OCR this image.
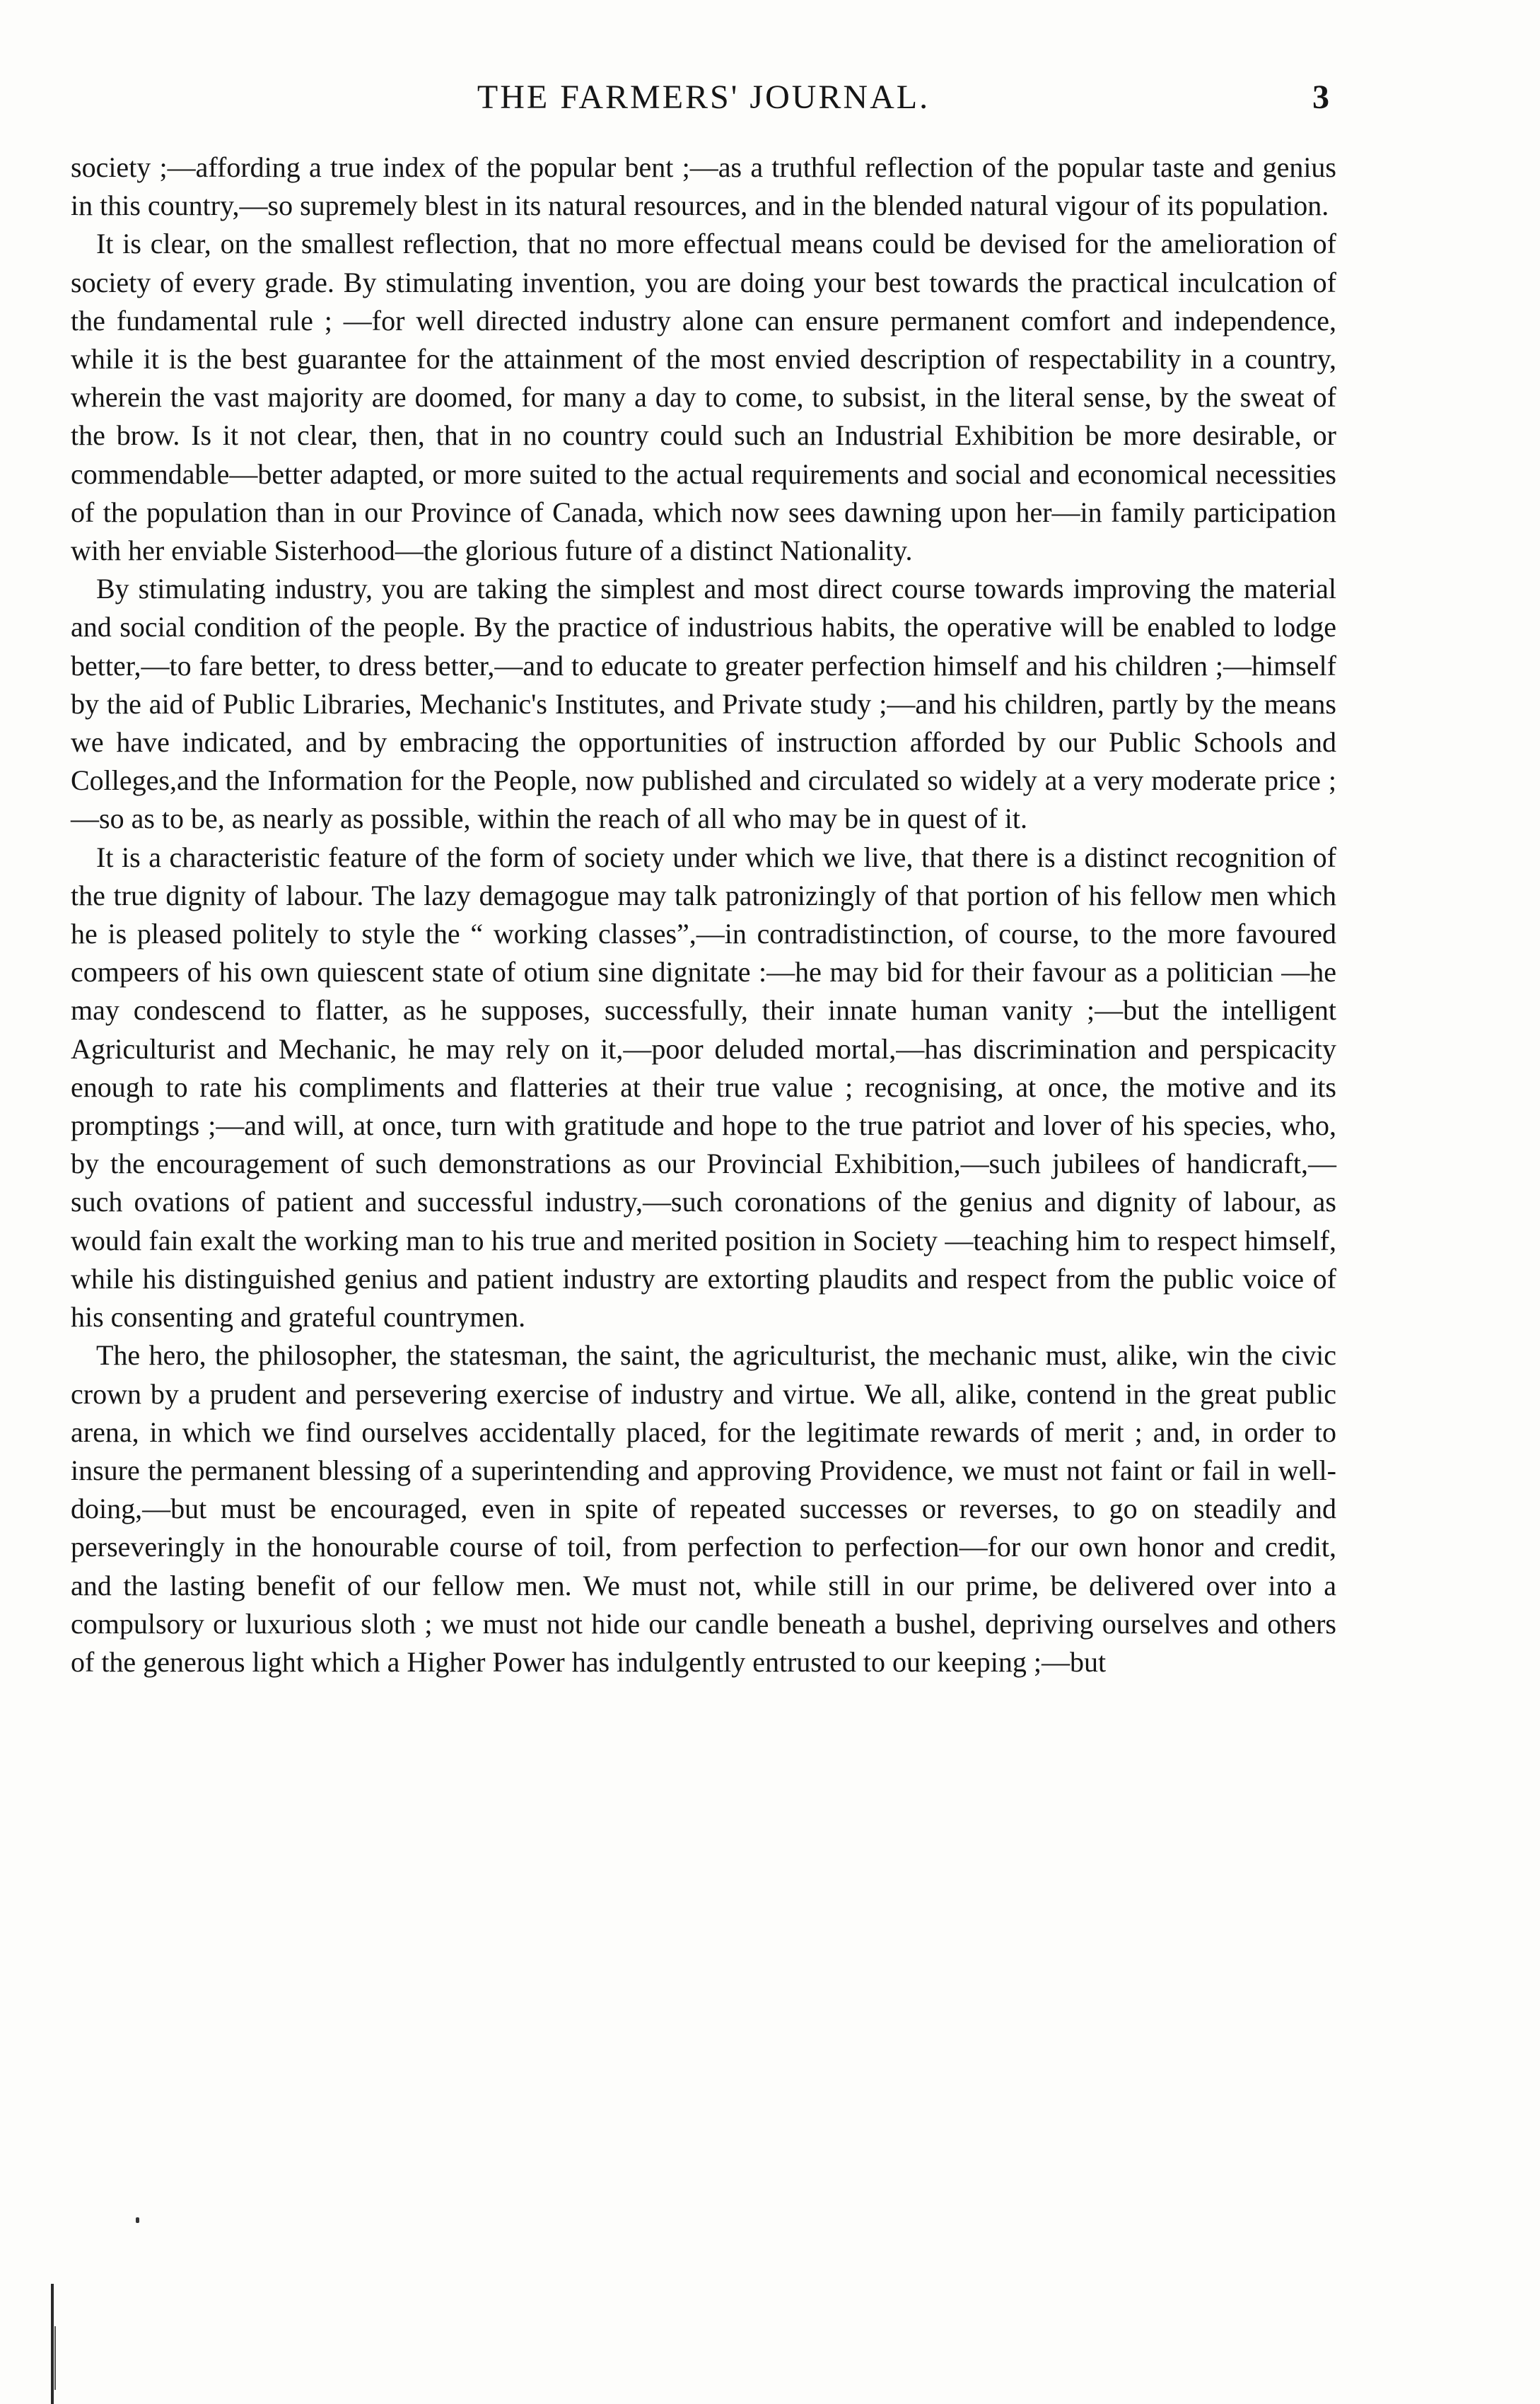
THE FARMERS' JOURNAL.	3

society ;—affording a true index of the popular bent ;—as a truthful reflection of the popular taste and genius in this country,—so supremely blest in its natural resources, and in the blended natural vigour of its population.

It is clear, on the smallest reflection, that no more effectual means could be devised for the amelioration of society of every grade. By stimulating invention, you are doing your best towards the practical inculcation of the fundamental rule ; —for well directed industry alone can ensure permanent comfort and independence, while it is the best guarantee for the attainment of the most envied description of respectability in a country, wherein the vast majority are doomed, for many a day to come, to subsist, in the literal sense, by the sweat of the brow. Is it not clear, then, that in no country could such an Industrial Exhibition be more desirable, or commendable—better adapted, or more suited to the actual requirements and social and economical necessities of the population than in our Province of Canada, which now sees dawning upon her—in family participation with her enviable Sisterhood—the glorious future of a distinct Nationality.

By stimulating industry, you are taking the simplest and most direct course towards improving the material and social condition of the people. By the practice of industrious habits, the operative will be enabled to lodge better,—to fare better, to dress better,—and to educate to greater perfection himself and his children ;—himself by the aid of Public Libraries, Mechanic's Institutes, and Private study ;—and his children, partly by the means we have indicated, and by embracing the opportunities of instruction afforded by our Public Schools and Colleges,and the Information for the People, now published and circulated so widely at a very moderate price ;—so as to be, as nearly as possible, within the reach of all who may be in quest of it.

It is a characteristic feature of the form of society under which we live, that there is a distinct recognition of the true dignity of labour. The lazy demagogue may talk patronizingly of that portion of his fellow men which he is pleased politely to style the “ working classes”,—in contradistinction, of course, to the more favoured compeers of his own quiescent state of otium sine dignitate :—he may bid for their favour as a politician —he may condescend to flatter, as he supposes, successfully, their innate human vanity ;—but the intelligent Agriculturist and Mechanic, he may rely on it,—poor deluded mortal,—has discrimination and perspicacity enough to rate his compliments and flatteries at their true value ; recognising, at once, the motive and its promptings ;—and will, at once, turn with gratitude and hope to the true patriot and lover of his species, who, by the encouragement of such demonstrations as our Provincial Exhibition,—such jubilees of handicraft,—such ovations of patient and successful industry,—such coronations of the genius and dignity of labour, as would fain exalt the working man to his true and merited position in Society —teaching him to respect himself, while his distinguished genius and patient industry are extorting plaudits and respect from the public voice of his consenting and grateful countrymen.

The hero, the philosopher, the statesman, the saint, the agriculturist, the mechanic must, alike, win the civic crown by a prudent and persevering exercise of industry and virtue. We all, alike, contend in the great public arena, in which we find ourselves accidentally placed, for the legitimate rewards of merit ; and, in order to insure the permanent blessing of a superintending and approving Providence, we must not faint or fail in well-doing,—but must be encouraged, even in spite of repeated successes or reverses, to go on steadily and perseveringly in the honourable course of toil, from perfection to perfection—for our own honor and credit, and the lasting benefit of our fellow men. We must not, while still in our prime, be delivered over into a compulsory or luxurious sloth ; we must not hide our candle beneath a bushel, depriving ourselves and others of the generous light which a Higher Power has indulgently entrusted to our keeping ;—but
